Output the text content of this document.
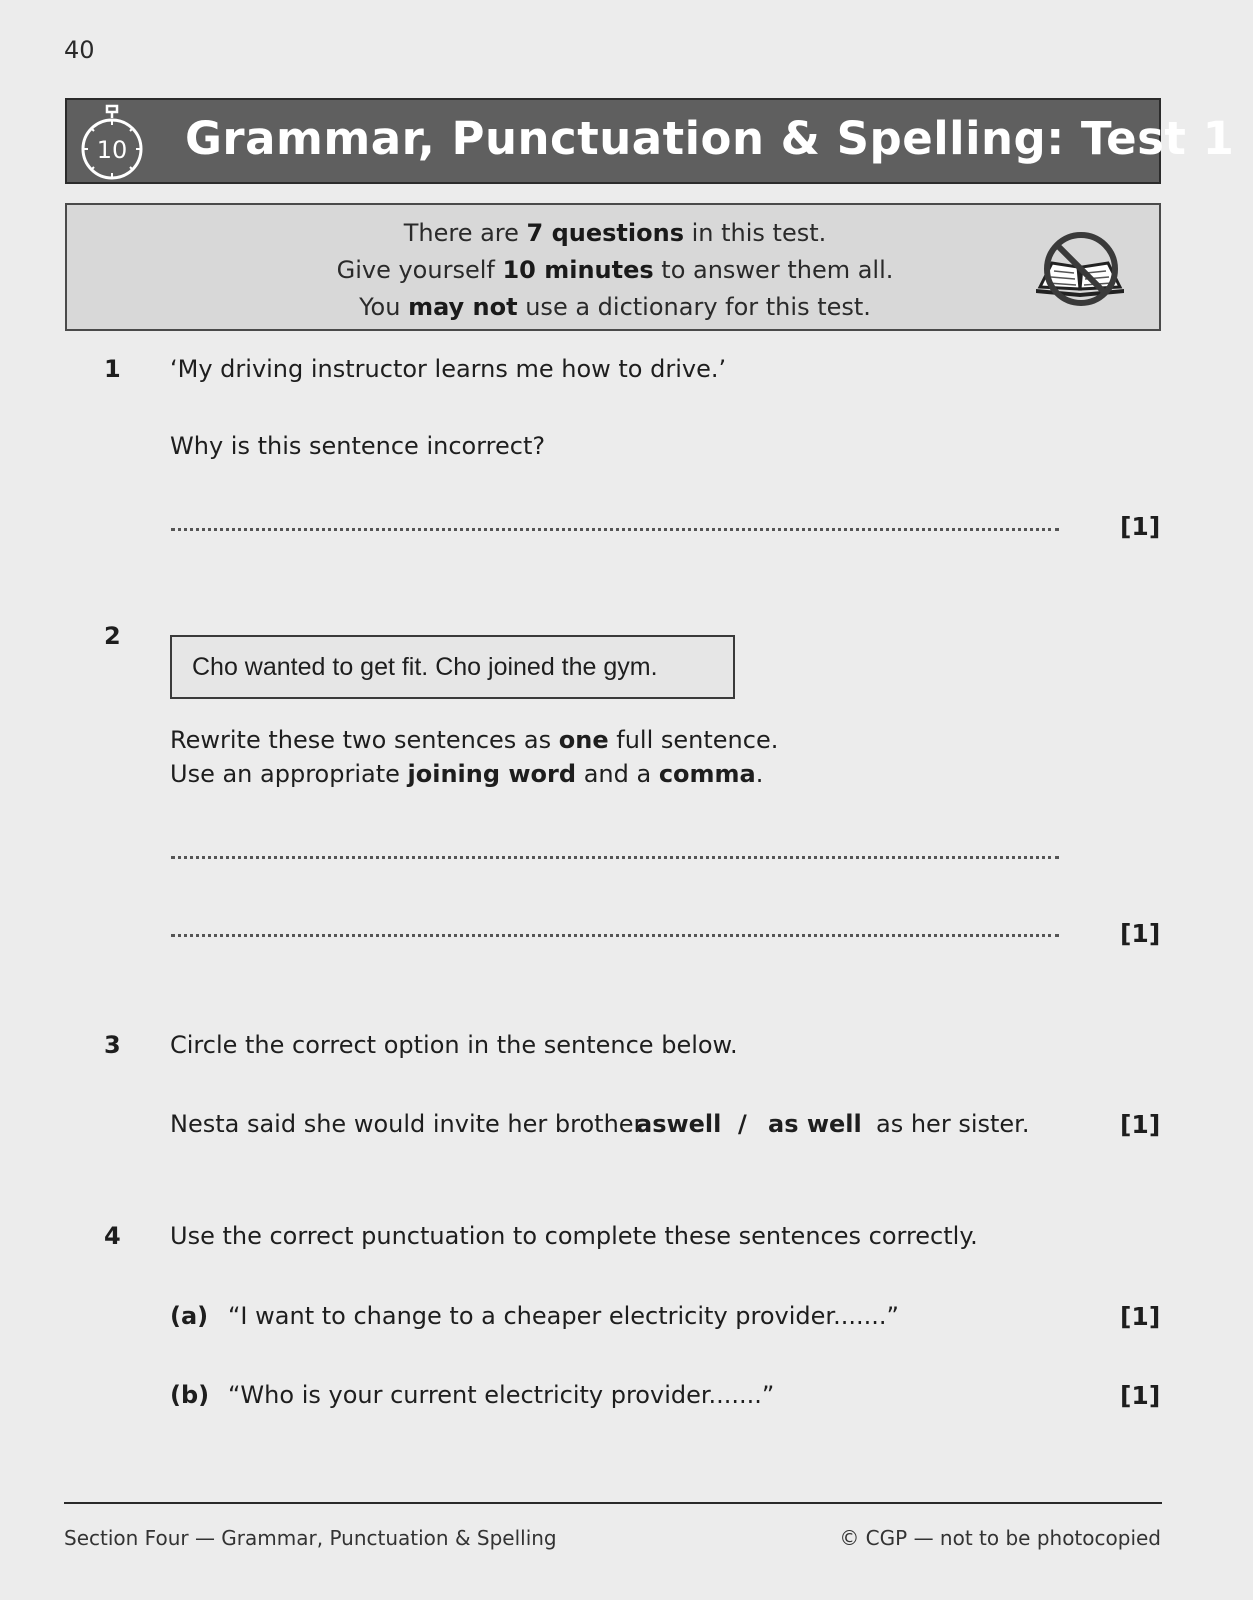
40
10 Grammar, Punctuation & Spelling: Test 1
There are 7 questions in this test.
Give yourself 10 minutes to answer them all.
You may not use a dictionary for this test.
1 ‘My driving instructor learns me how to drive.’
Why is this sentence incorrect?
[1]
2
Cho wanted to get fit. Cho joined the gym.
Rewrite these two sentences as one full sentence.
Use an appropriate joining word and a comma.
[1]
3 Circle the correct option in the sentence below.
Nesta said she would invite her brother
aswell / as well as her sister.	[1]
4 Use the correct punctuation to complete these sentences correctly.
(a) “I want to change to a cheaper electricity provider.......”	[1]
(b) “Who is your current electricity provider.......”	[1]
Section Four — Grammar, Punctuation & Spelling	© CGP — not to be photocopied
